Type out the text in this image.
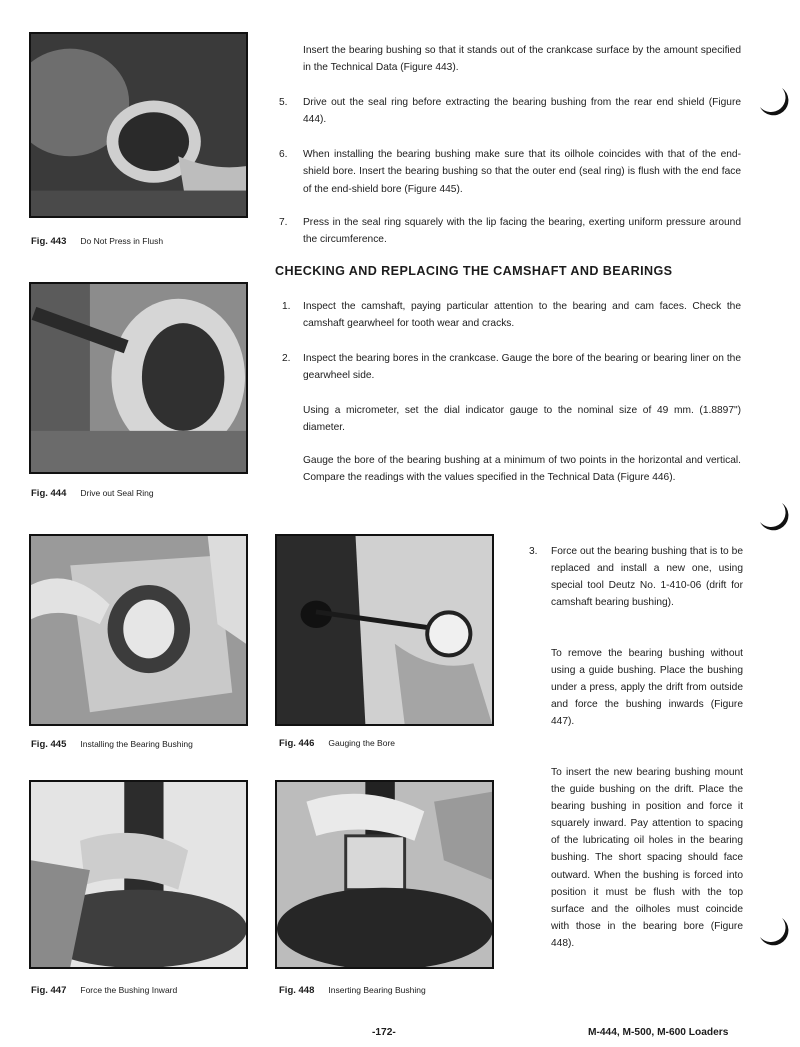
Fig. 443 Do Not Press in Flush
Fig. 444 Drive out Seal Ring
Fig. 445 Installing the Bearing Bushing	Fig. 446 Gauging the Bore
Fig. 447 Force the Bushing Inward	Fig. 448 Inserting Bearing Bushing

Insert the bearing bushing so that it stands out of the crankcase surface by the amount specified in the Technical Data (Figure 443).

5. Drive out the seal ring before extracting the bearing bushing from the rear end shield (Figure 444).

6. When installing the bearing bushing make sure that its oilhole coincides with that of the end-shield bore. Insert the bearing bushing so that the outer end (seal ring) is flush with the end face of the end-shield bore (Figure 445).

7. Press in the seal ring squarely with the lip facing the bearing, exerting uniform pressure around the circumference.

CHECKING AND REPLACING THE CAMSHAFT AND BEARINGS
1. Inspect the camshaft, paying particular attention to the bearing and cam faces. Check the camshaft gearwheel for tooth wear and cracks.

2. Inspect the bearing bores in the crankcase. Gauge the bore of the bearing or bearing liner on the gearwheel side.

Using a micrometer, set the dial indicator gauge to the nominal size of 49 mm. (1.8897") diameter.

Gauge the bore of the bearing bushing at a minimum of two points in the horizontal and vertical. Compare the readings with the values specified in the Technical Data (Figure 446).

3. Force out the bearing bushing that is to be replaced and install a new one, using special tool Deutz No. 1-410-06 (drift for camshaft bearing bushing).

To remove the bearing bushing without using a guide bushing. Place the bushing under a press, apply the drift from outside and force the bushing inwards (Figure 447).

To insert the new bearing bushing mount the guide bushing on the drift. Place the bearing bushing in position and force it squarely inward. Pay attention to spacing of the lubricating oil holes in the bearing bushing. The short spacing should face outward. When the bushing is forced into position it must be flush with the top surface and the oilholes must coincide with those in the bearing bore (Figure 448).

-172-	M-444, M-500, M-600 Loaders
